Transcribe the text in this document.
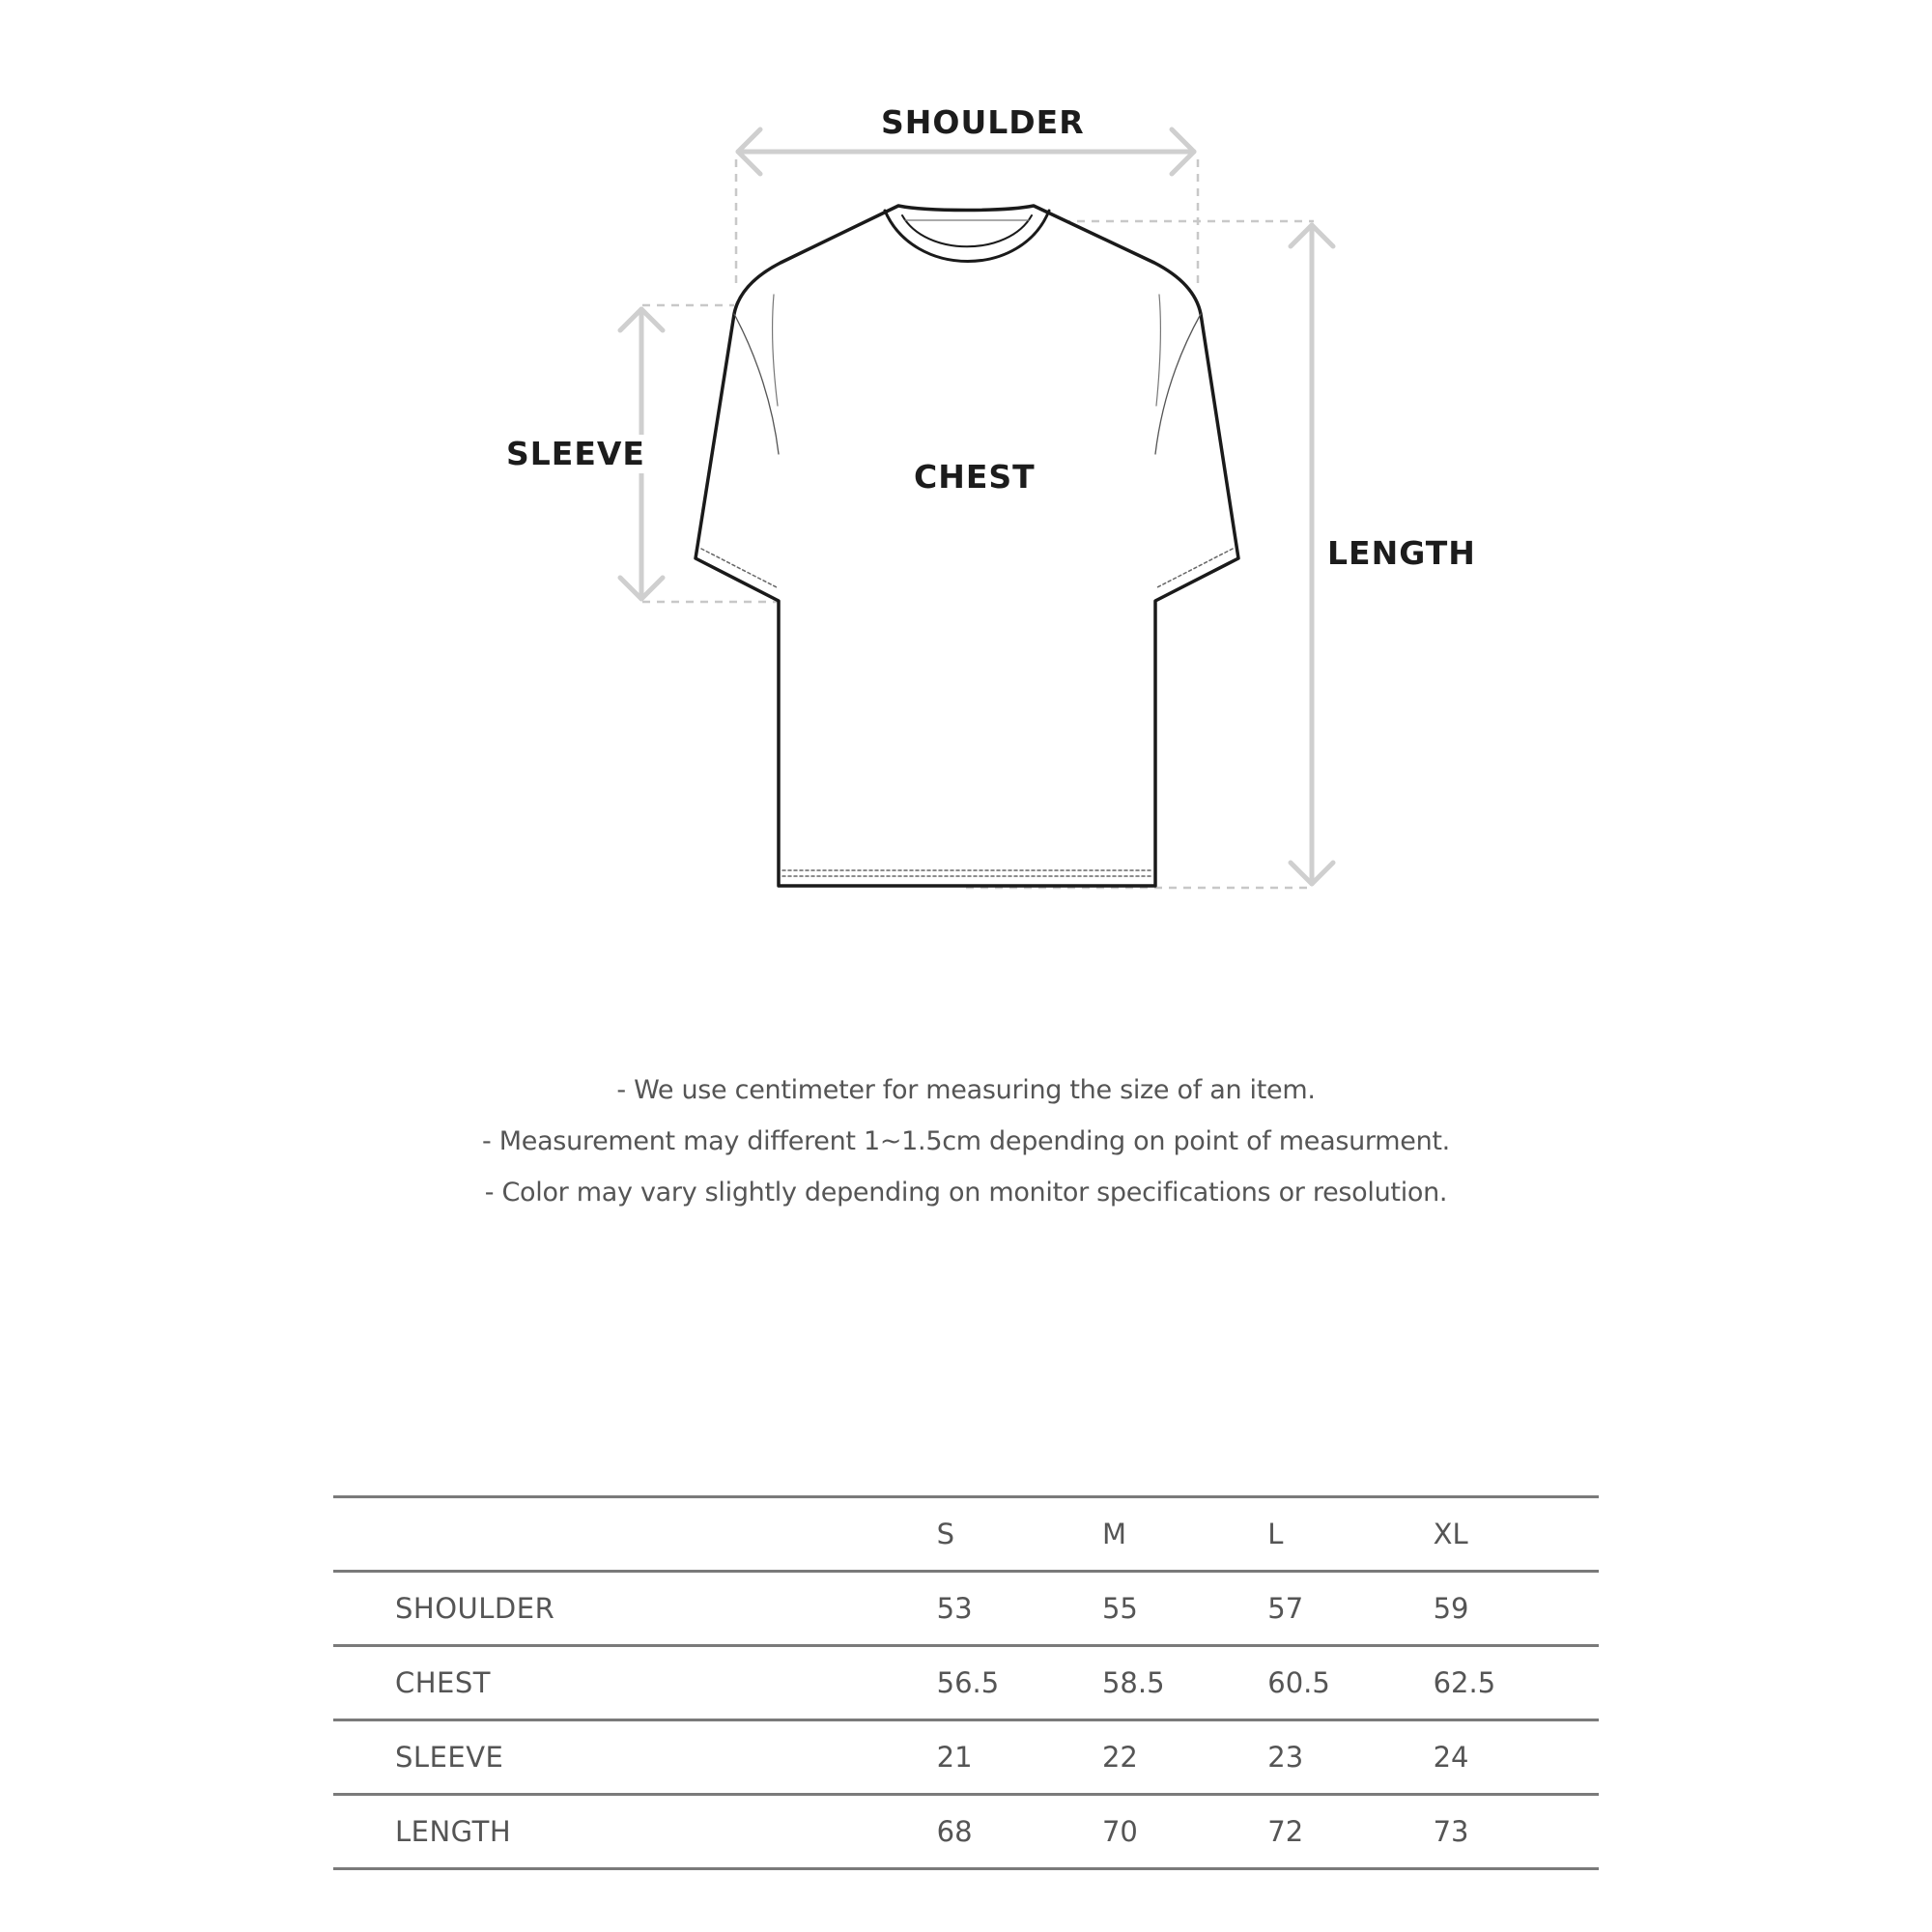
SHOULDER
SLEEVE
CHEST
LENGTH
- We use centimeter for measuring the size of an item.
- Measurement may different 1~1.5cm depending on point of measurment.
- Color may vary slightly depending on monitor specifications or resolution.
	S	M	L	XL
SHOULDER	53	55	57	59
CHEST	56.5	58.5	60.5	62.5
SLEEVE	21	22	23	24
LENGTH	68	70	72	73
